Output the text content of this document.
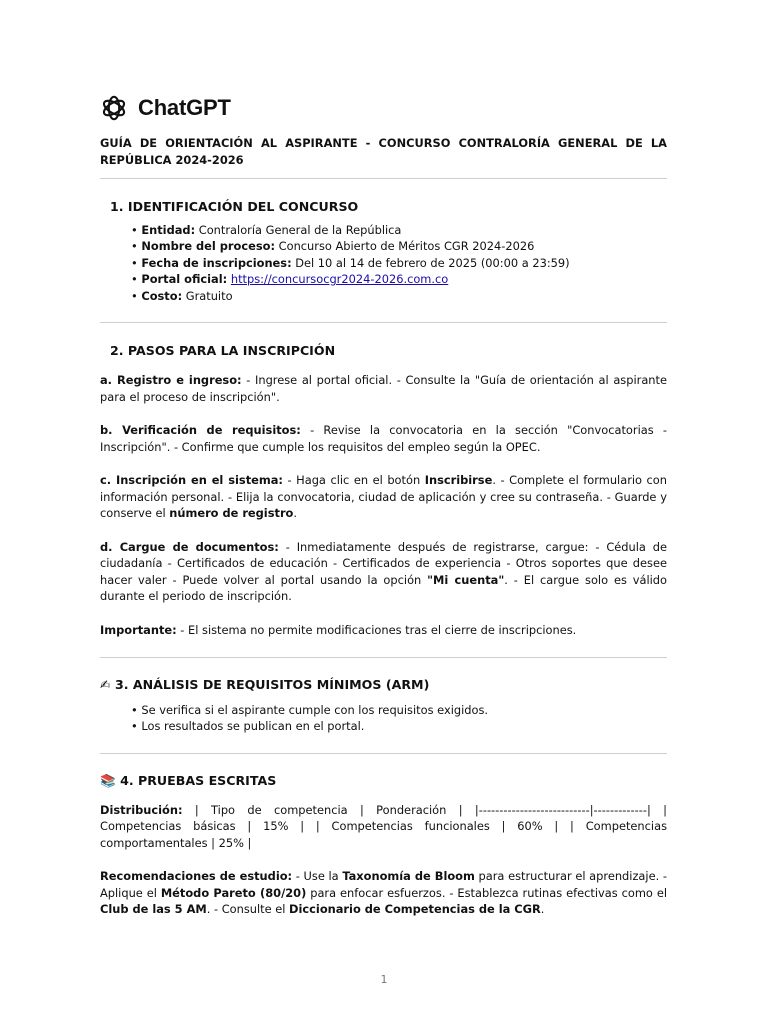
ChatGPT
GUÍA DE ORIENTACIÓN AL ASPIRANTE - CONCURSO CONTRALORÍA GENERAL DE LA REPÚBLICA 2024-2026
1. IDENTIFICACIÓN DEL CONCURSO
• Entidad: Contraloría General de la República
• Nombre del proceso: Concurso Abierto de Méritos CGR 2024-2026
• Fecha de inscripciones: Del 10 al 14 de febrero de 2025 (00:00 a 23:59)
• Portal oficial: https://concursocgr2024-2026.com.co
• Costo: Gratuito
2. PASOS PARA LA INSCRIPCIÓN

a. Registro e ingreso: - Ingrese al portal oficial. - Consulte la "Guía de orientación al aspirante para el proceso de inscripción".

b. Verificación de requisitos: - Revise la convocatoria en la sección "Convocatorias - Inscripción". - Confirme que cumple los requisitos del empleo según la OPEC.

c. Inscripción en el sistema: - Haga clic en el botón Inscribirse. - Complete el formulario con información personal. - Elija la convocatoria, ciudad de aplicación y cree su contraseña. - Guarde y conserve el número de registro.

d. Cargue de documentos: - Inmediatamente después de registrarse, cargue: - Cédula de ciudadanía - Certificados de educación - Certificados de experiencia - Otros soportes que desee hacer valer - Puede volver al portal usando la opción "Mi cuenta". - El cargue solo es válido durante el periodo de inscripción.

Importante: - El sistema no permite modificaciones tras el cierre de inscripciones.

✍ 3. ANÁLISIS DE REQUISITOS MÍNIMOS (ARM)
• Se verifica si el aspirante cumple con los requisitos exigidos.
• Los resultados se publican en el portal.
📚 4. PRUEBAS ESCRITAS

Distribución: | Tipo de competencia | Ponderación | |---------------------------|-------------| | Competencias básicas | 15% | | Competencias funcionales | 60% | | Competencias comportamentales | 25% |

Recomendaciones de estudio: - Use la Taxonomía de Bloom para estructurar el aprendizaje. - Aplique el Método Pareto (80/20) para enfocar esfuerzos. - Establezca rutinas efectivas como el Club de las 5 AM. - Consulte el Diccionario de Competencias de la CGR.

1
